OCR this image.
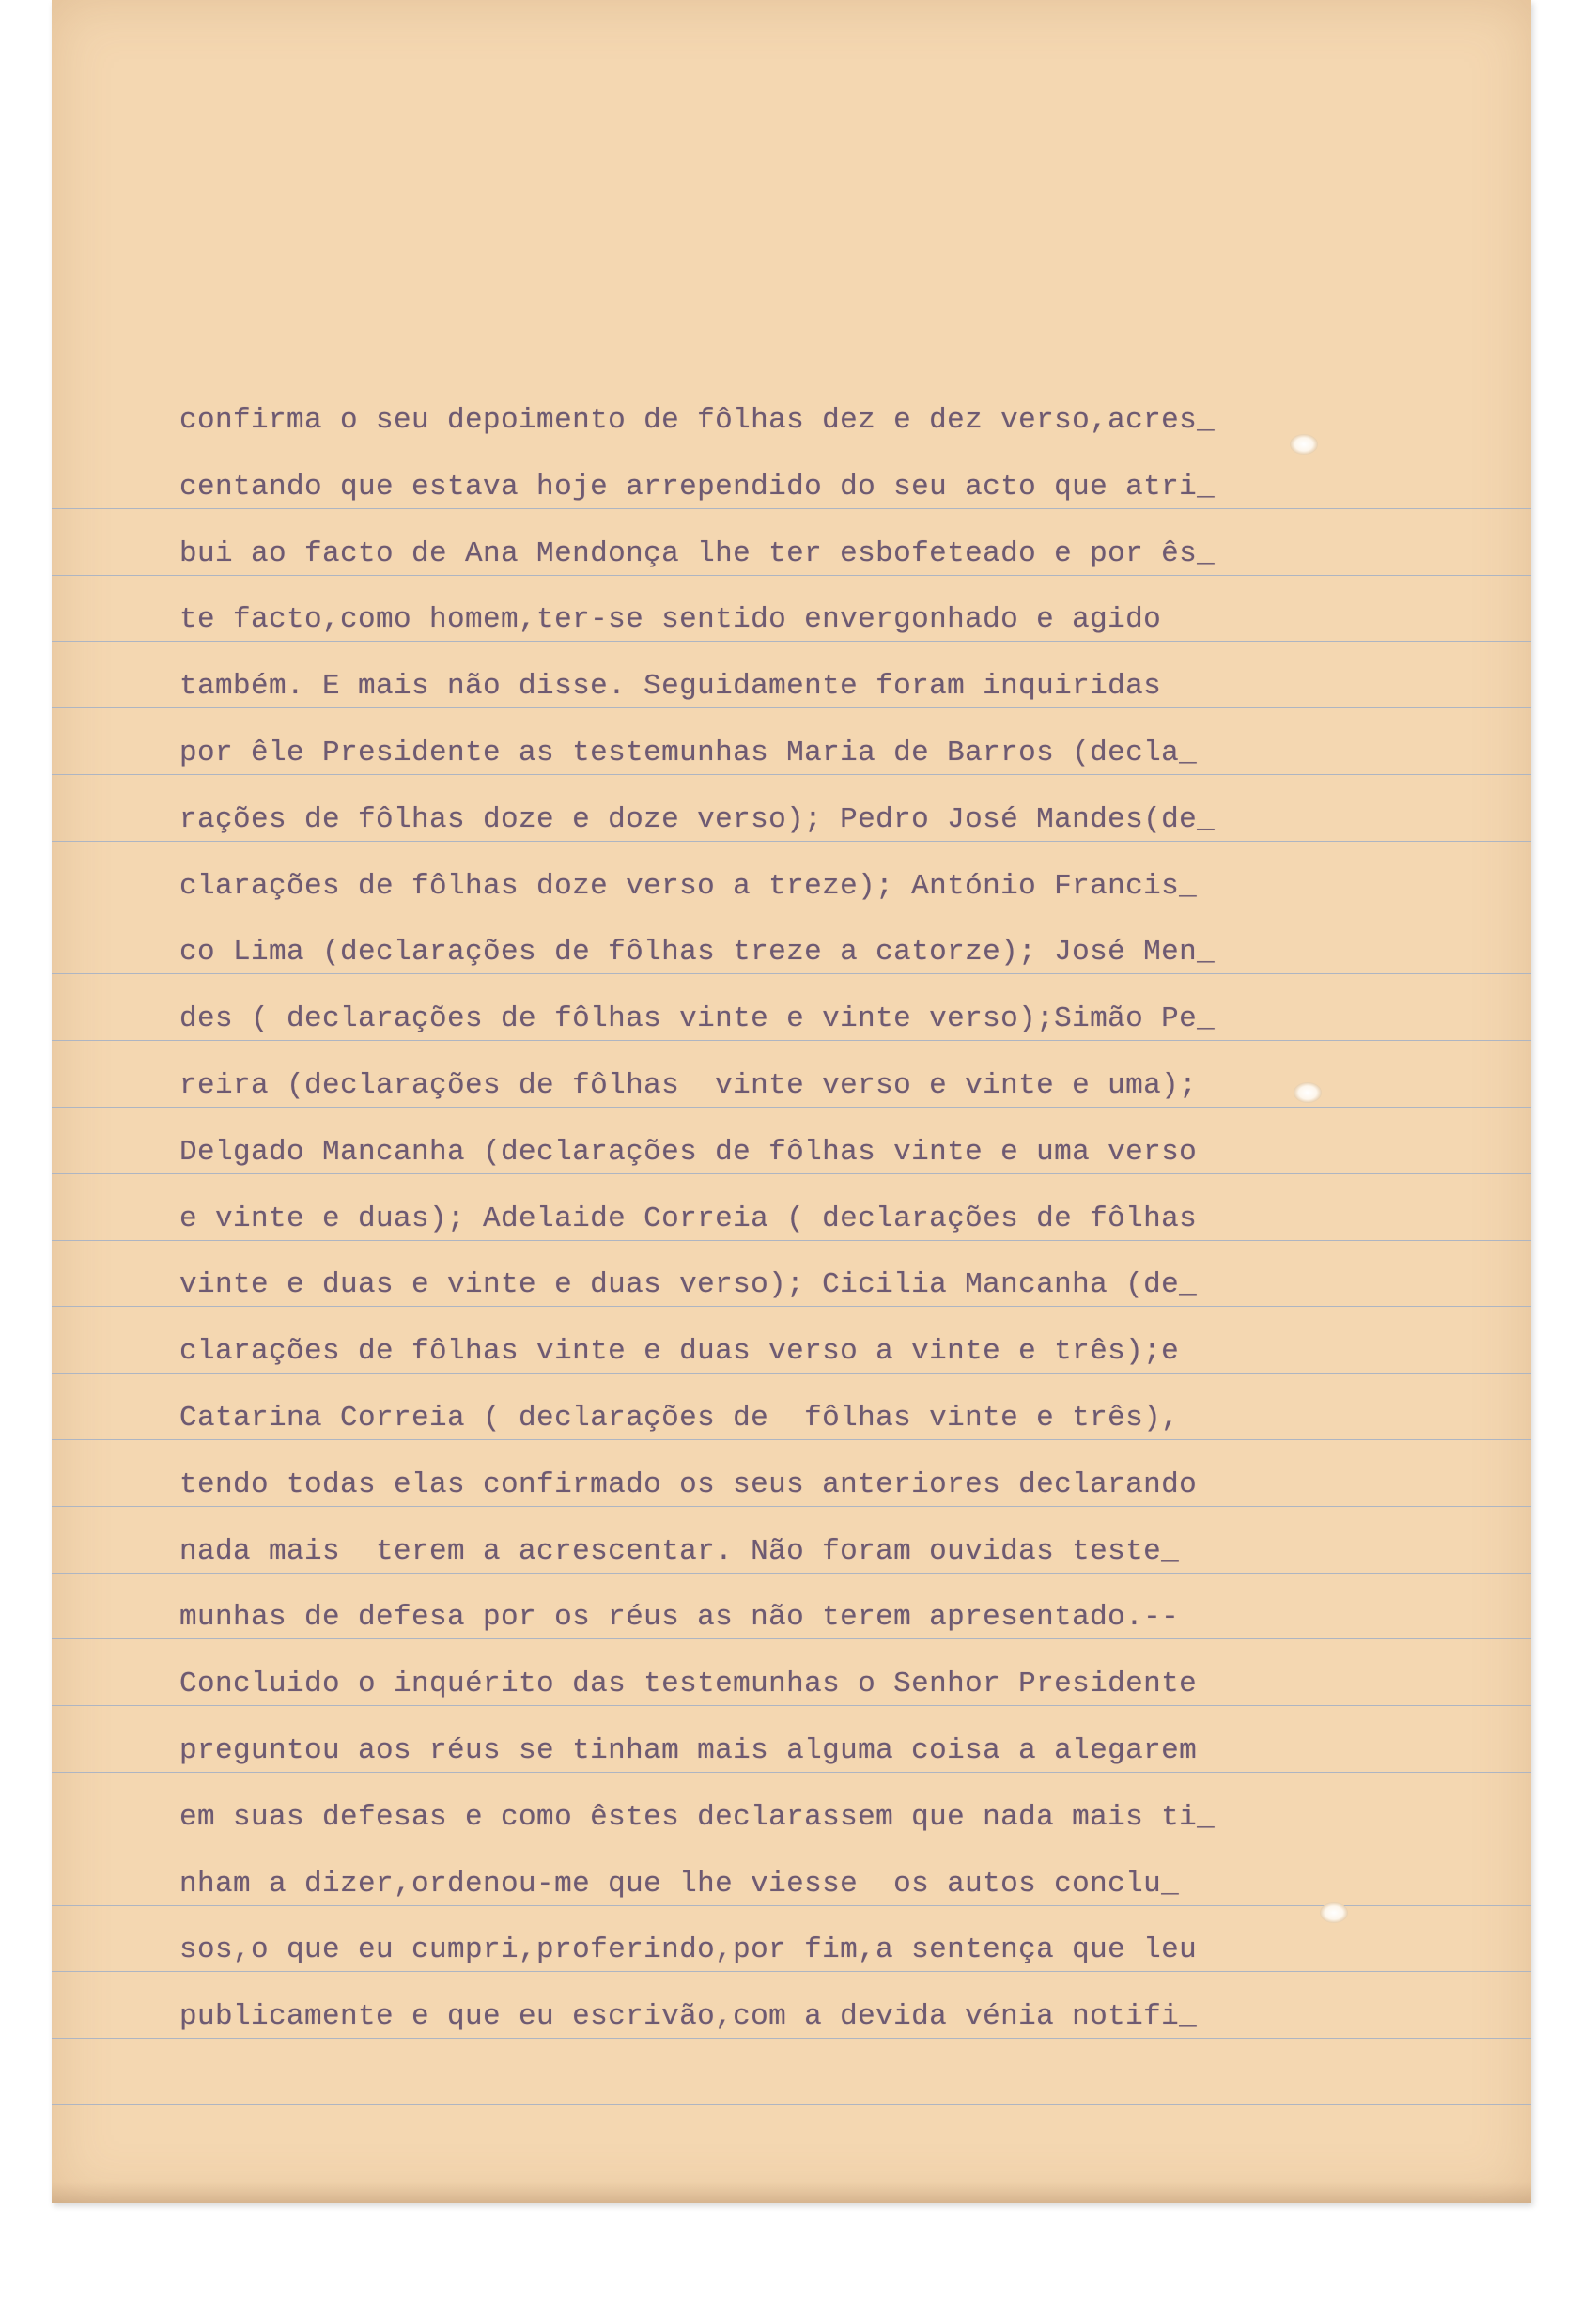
confirma o seu depoimento de fôlhas dez e dez verso,acres_
centando que estava hoje arrependido do seu acto que atri_
bui ao facto de Ana Mendonça lhe ter esbofeteado e por ês_
te facto,como homem,ter-se sentido envergonhado e agido
também. E mais não disse. Seguidamente foram inquiridas
por êle Presidente as testemunhas Maria de Barros (decla_
rações de fôlhas doze e doze verso); Pedro José Mandes(de_
clarações de fôlhas doze verso a treze); António Francis_
co Lima (declarações de fôlhas treze a catorze); José Men_
des ( declarações de fôlhas vinte e vinte verso);Simão Pe_
reira (declarações de fôlhas  vinte verso e vinte e uma);
Delgado Mancanha (declarações de fôlhas vinte e uma verso
e vinte e duas); Adelaide Correia ( declarações de fôlhas
vinte e duas e vinte e duas verso); Cicilia Mancanha (de_
clarações de fôlhas vinte e duas verso a vinte e três);e
Catarina Correia ( declarações de  fôlhas vinte e três),
tendo todas elas confirmado os seus anteriores declarando
nada mais  terem a acrescentar. Não foram ouvidas teste_
munhas de defesa por os réus as não terem apresentado.--
Concluido o inquérito das testemunhas o Senhor Presidente
preguntou aos réus se tinham mais alguma coisa a alegarem
em suas defesas e como êstes declarassem que nada mais ti_
nham a dizer,ordenou-me que lhe viesse  os autos conclu_
sos,o que eu cumpri,proferindo,por fim,a sentença que leu
publicamente e que eu escrivão,com a devida vénia notifi_
